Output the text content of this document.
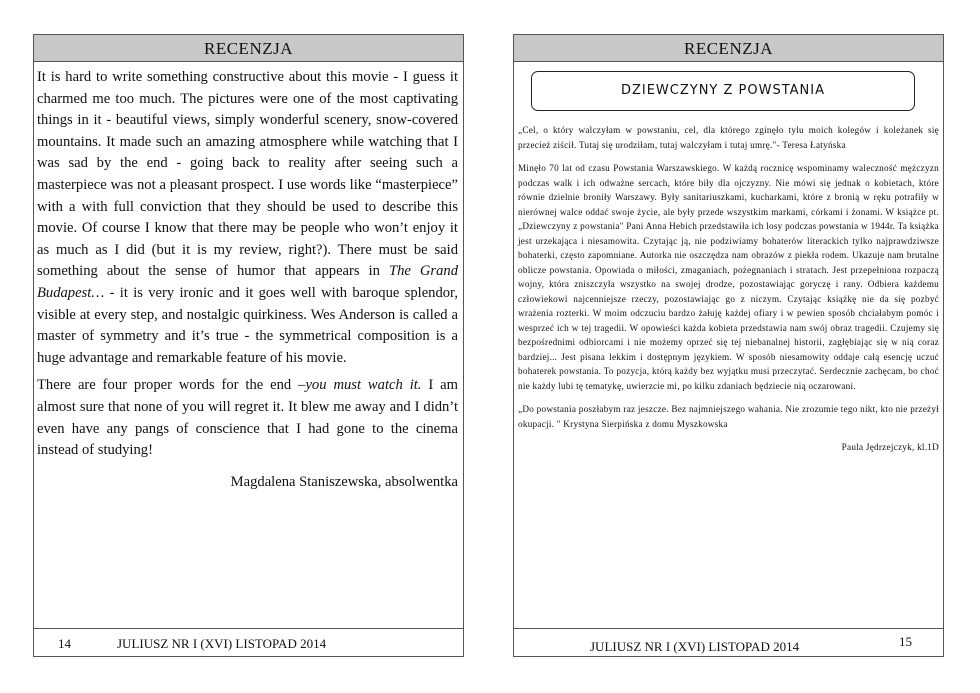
RECENZJA

It is hard to write something constructive about this movie - I guess it charmed me too much. The pictures were one of the most captivating things in it - beautiful views, simply wonderful scenery, snow-covered mountains. It made such an amazing atmosphere while watching that I was sad by the end - going back to reality after seeing such a masterpiece was not a pleasant prospect. I use words like “masterpiece” with a with full conviction that they should be used to describe this movie. Of course I know that there may be people who won’t enjoy it as much as I did (but it is my review, right?). There must be said something about the sense of humor that appears in The Grand Budapest… - it is very ironic and it goes well with baroque splendor, visible at every step, and nostalgic quirkiness. Wes Anderson is called a master of symmetry and it’s true - the symmetrical composition is a huge advantage and remarkable feature of his movie.

There are four proper words for the end –you must watch it. I am almost sure that none of you will regret it. It blew me away and I didn’t even have any pangs of conscience that I had gone to the cinema instead of studying!

Magdalena Staniszewska, absolwentka
14	JULIUSZ NR I (XVI) LISTOPAD 2014
RECENZJA
DZIEWCZYNY Z POWSTANIA

„Cel, o który walczyłam w powstaniu, cel, dla którego zginęło tylu moich kolegów i koleżanek się przecież ziścił. Tutaj się urodziłam, tutaj walczyłam i tutaj umrę."- Teresa Łatyńska

Minęło 70 lat od czasu Powstania Warszawskiego. W każdą rocznicę wspominamy waleczność mężczyzn podczas walk i ich odważne sercach, które biły dla ojczyzny. Nie mówi się jednak o kobietach, które równie dzielnie broniły Warszawy. Były sanitariuszkami, kucharkami, które z bronią w ręku potrafiły w nierównej walce oddać swoje życie, ale były przede wszystkim markami, córkami i żonami. W książce pt. „Dziewczyny z powstania" Pani Anna Hebich przedstawiła ich losy podczas powstania w 1944r. Ta książka jest urzekająca i niesamowita. Czytając ją, nie podziwiamy bohaterów literackich tylko najprawdziwsze bohaterki, często zapomniane. Autorka nie oszczędza nam obrazów z piekła rodem. Ukazuje nam brutalne oblicze powstania. Opowiada o miłości, zmaganiach, pożegnaniach i stratach. Jest przepełniona rozpaczą wojny, która zniszczyła wszystko na swojej drodze, pozostawiając goryczę i rany. Odbiera każdemu człowiekowi najcenniejsze rzeczy, pozostawiając go z niczym. Czytając książkę nie da się pozbyć wrażenia rozterki. W moim odczuciu bardzo żałuję każdej ofiary i w pewien sposób chciałabym pomóc i wesprzeć ich w tej tragedii. W opowieści każda kobieta przedstawia nam swój obraz tragedii. Czujemy się bezpośrednimi odbiorcami i nie możemy oprzeć się tej niebanalnej historii, zagłębiając się w nią coraz bardziej... Jest pisana lekkim i dostępnym językiem. W sposób niesamowity oddaje całą esencję uczuć bohaterek powstania. To pozycja, którą każdy bez wyjątku musi przeczytać. Serdecznie zachęcam, bo choć nie każdy lubi tę tematykę, uwierzcie mi, po kilku zdaniach będziecie nią oczarowani.

„Do powstania poszłabym raz jeszcze. Bez najmniejszego wahania. Nie zrozumie tego nikt, kto nie przeżył okupacji. " Krystyna Sierpińska z domu Myszkowska

Paula Jędrzejczyk, kl.1D
JULIUSZ NR I (XVI) LISTOPAD 2014	15
